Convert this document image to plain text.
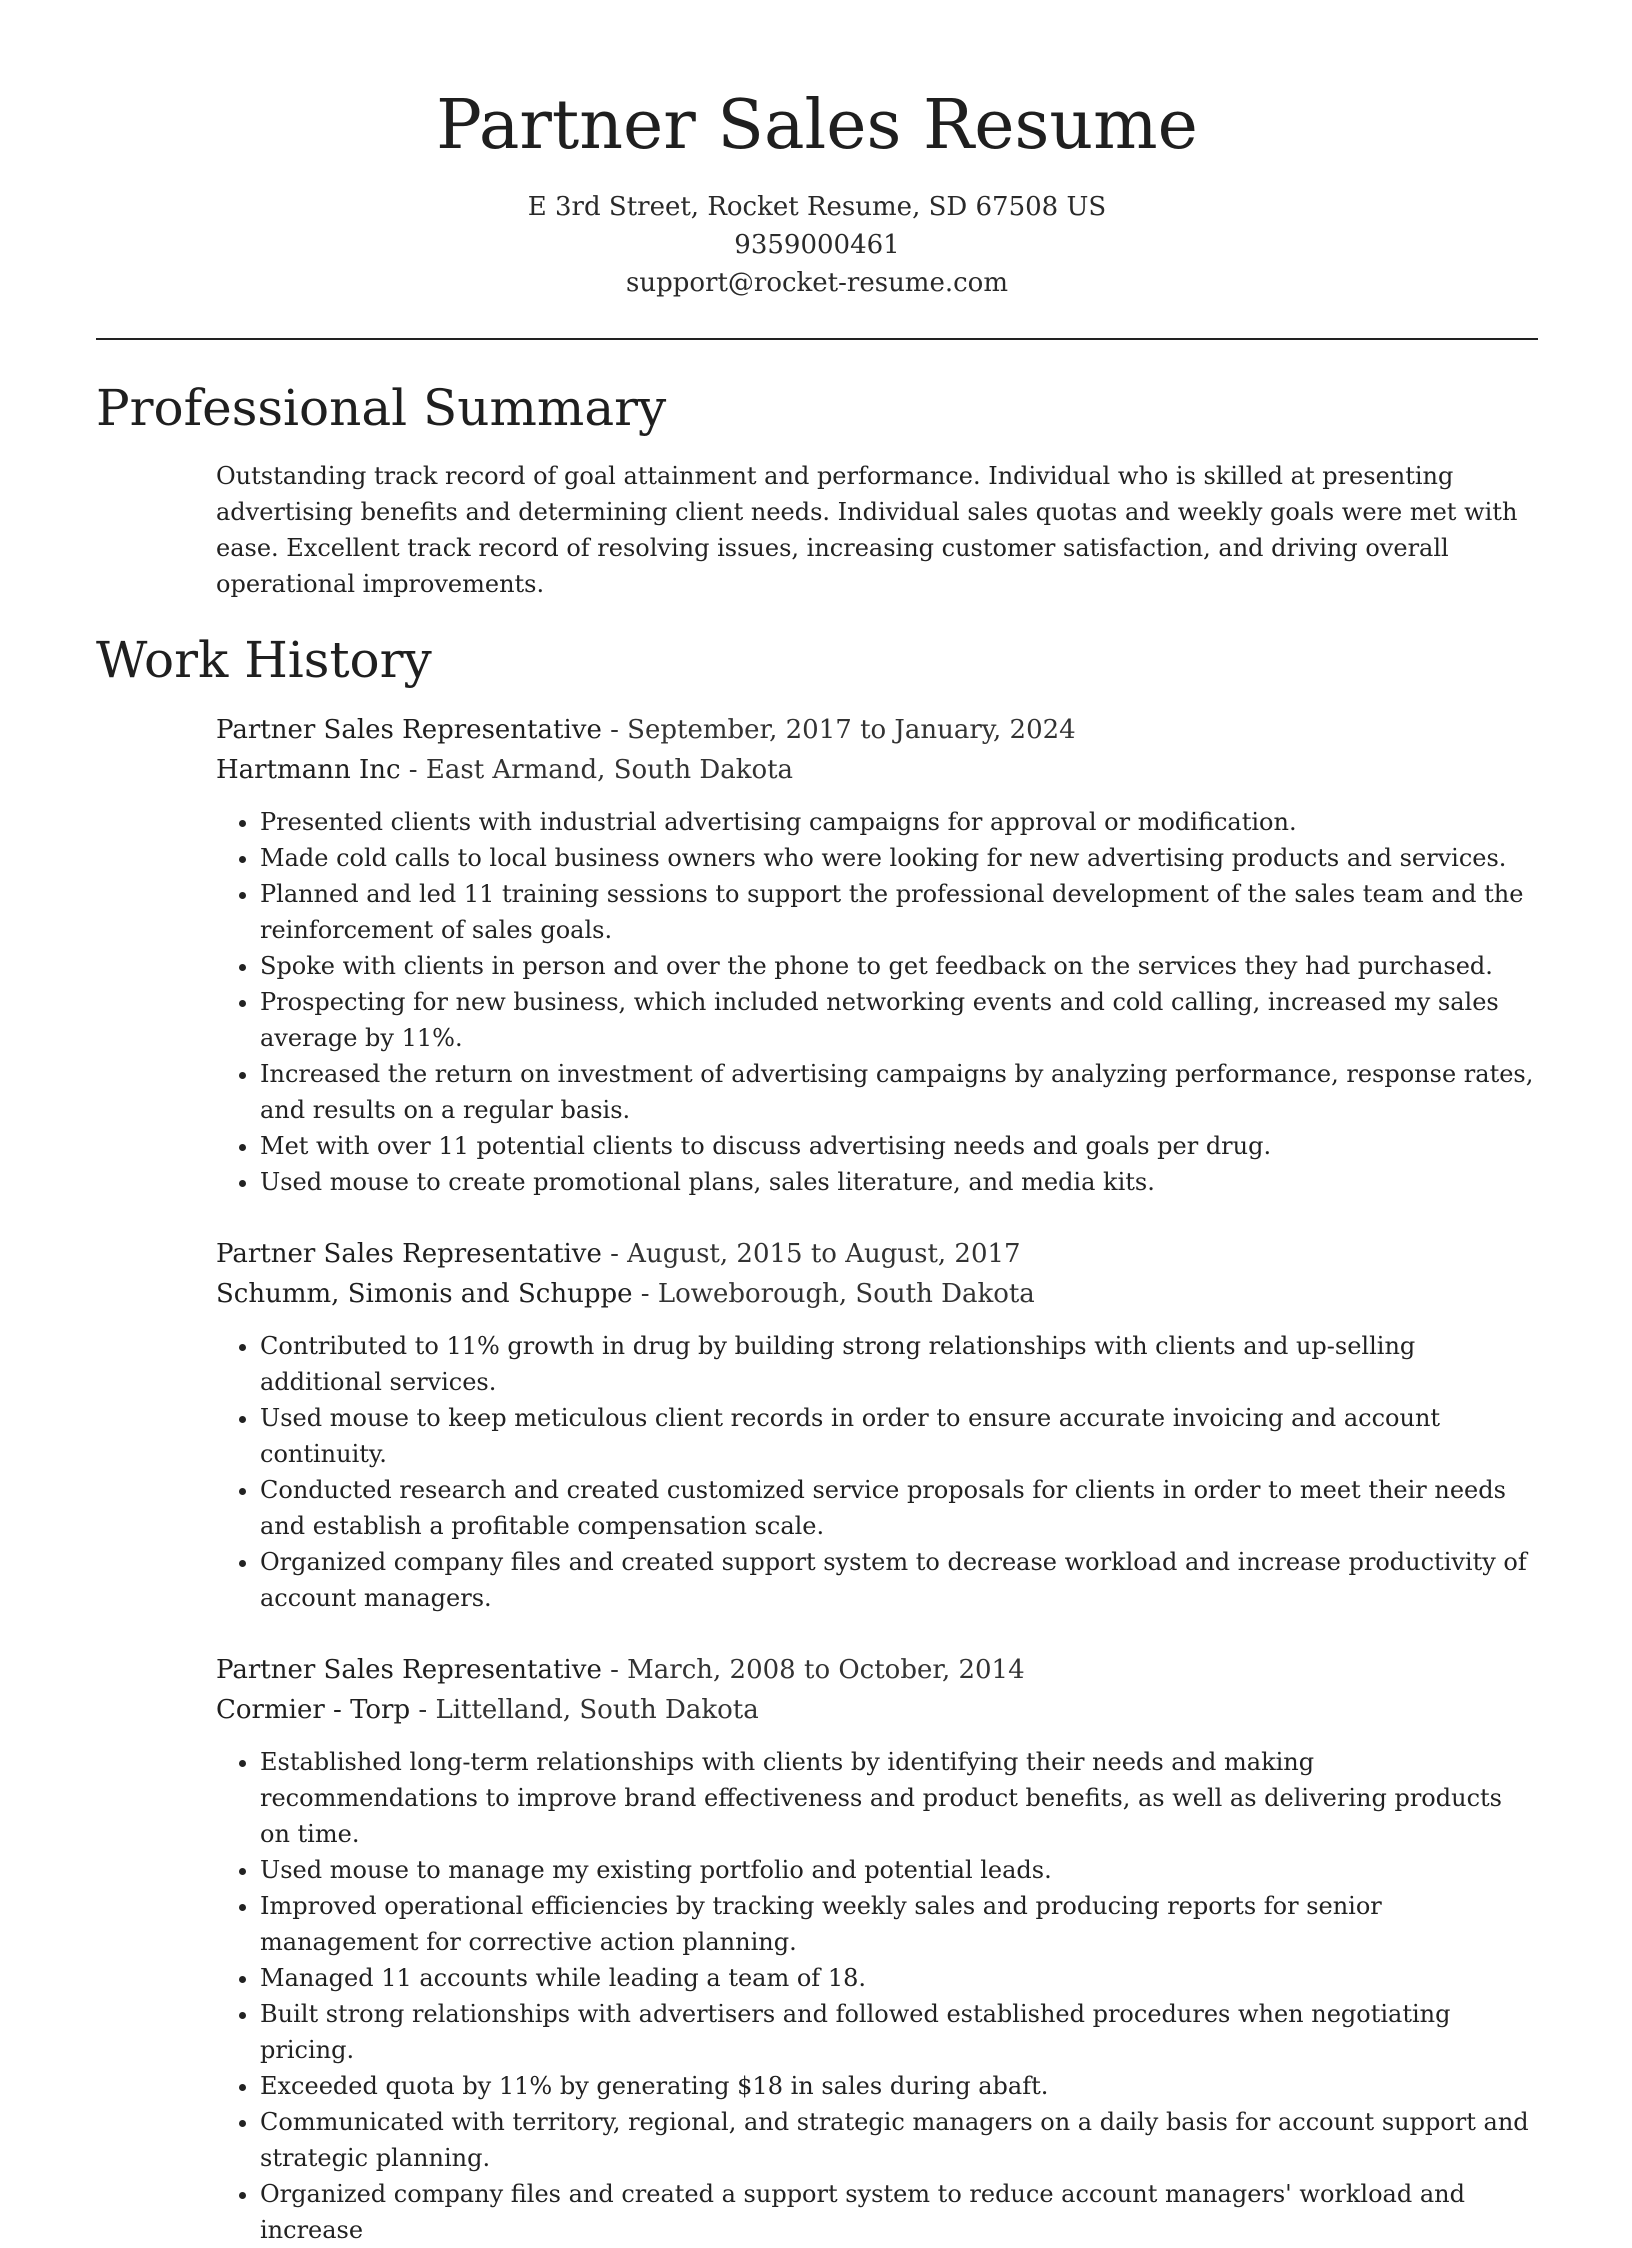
Partner Sales Resume
E 3rd Street, Rocket Resume, SD 67508 US
9359000461
support@rocket-resume.com
Professional Summary
Outstanding track record of goal attainment and performance. Individual who is skilled at presenting advertising benefits and determining client needs. Individual sales quotas and weekly goals were met with ease. Excellent track record of resolving issues, increasing customer satisfaction, and driving overall operational improvements.
Work History
Partner Sales Representative - September, 2017 to January, 2024
Hartmann Inc - East Armand, South Dakota
• Presented clients with industrial advertising campaigns for approval or modification.
• Made cold calls to local business owners who were looking for new advertising products and services.
• Planned and led 11 training sessions to support the professional development of the sales team and the reinforcement of sales goals.
• Spoke with clients in person and over the phone to get feedback on the services they had purchased.
• Prospecting for new business, which included networking events and cold calling, increased my sales average by 11%.
• Increased the return on investment of advertising campaigns by analyzing performance, response rates, and results on a regular basis.
• Met with over 11 potential clients to discuss advertising needs and goals per drug.
• Used mouse to create promotional plans, sales literature, and media kits.
Partner Sales Representative - August, 2015 to August, 2017
Schumm, Simonis and Schuppe - Loweborough, South Dakota
• Contributed to 11% growth in drug by building strong relationships with clients and up-selling additional services.
• Used mouse to keep meticulous client records in order to ensure accurate invoicing and account continuity.
• Conducted research and created customized service proposals for clients in order to meet their needs and establish a profitable compensation scale.
• Organized company files and created support system to decrease workload and increase productivity of account managers.
Partner Sales Representative - March, 2008 to October, 2014
Cormier - Torp - Littelland, South Dakota
• Established long-term relationships with clients by identifying their needs and making recommendations to improve brand effectiveness and product benefits, as well as delivering products on time.
• Used mouse to manage my existing portfolio and potential leads.
• Improved operational efficiencies by tracking weekly sales and producing reports for senior management for corrective action planning.
• Managed 11 accounts while leading a team of 18.
• Built strong relationships with advertisers and followed established procedures when negotiating pricing.
• Exceeded quota by 11% by generating $18 in sales during abaft.
• Communicated with territory, regional, and strategic managers on a daily basis for account support and strategic planning.
• Organized company files and created a support system to reduce account managers' workload and increase
